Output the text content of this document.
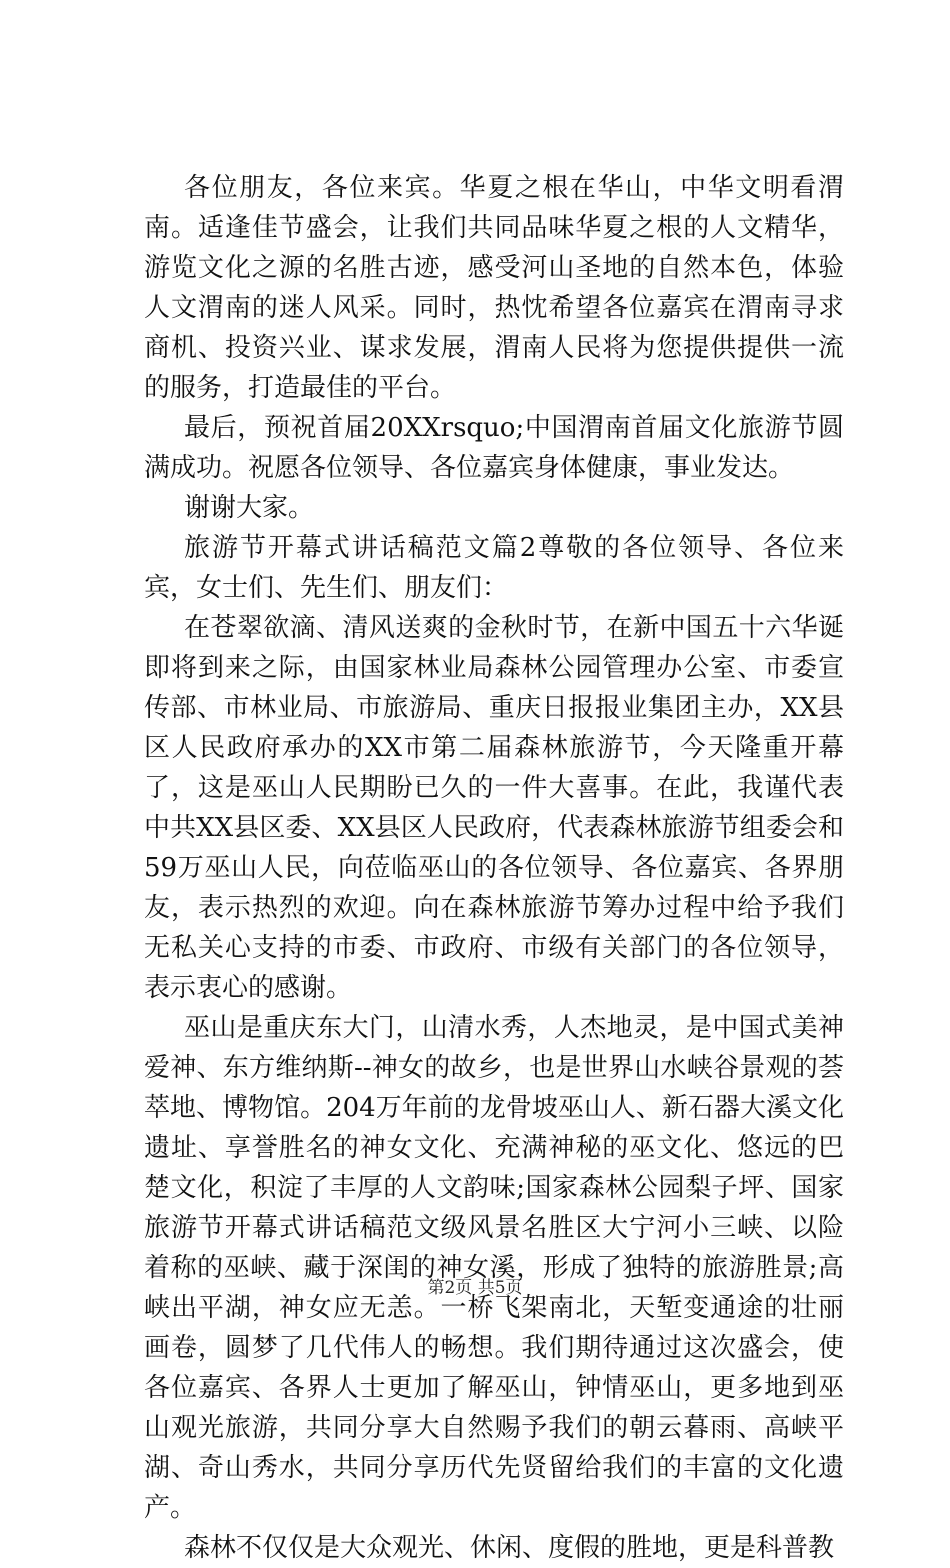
各位朋友，各位来宾。华夏之根在华山，中华文明看渭南。适逢佳节盛会，让我们共同品味华夏之根的人文精华，游览文化之源的名胜古迹，感受河山圣地的自然本色，体验人文渭南的迷人风采。同时，热忱希望各位嘉宾在渭南寻求商机、投资兴业、谋求发展，渭南人民将为您提供提供一流的服务，打造最佳的平台。

最后，预祝首届20XXrsquo;中国渭南首届文化旅游节圆满成功。祝愿各位领导、各位嘉宾身体健康，事业发达。

谢谢大家。

旅游节开幕式讲话稿范文篇2尊敬的各位领导、各位来宾，女士们、先生们、朋友们：

在苍翠欲滴、清风送爽的金秋时节，在新中国五十六华诞即将到来之际，由国家林业局森林公园管理办公室、市委宣传部、市林业局、市旅游局、重庆日报报业集团主办，XX县区人民政府承办的XX市第二届森林旅游节，今天隆重开幕了，这是巫山人民期盼已久的一件大喜事。在此，我谨代表中共XX县区委、XX县区人民政府，代表森林旅游节组委会和59万巫山人民，向莅临巫山的各位领导、各位嘉宾、各界朋友，表示热烈的欢迎。向在森林旅游节筹办过程中给予我们无私关心支持的市委、市政府、市级有关部门的各位领导，表示衷心的感谢。

巫山是重庆东大门，山清水秀，人杰地灵，是中国式美神爱神、东方维纳斯--神女的故乡，也是世界山水峡谷景观的荟萃地、博物馆。204万年前的龙骨坡巫山人、新石器大溪文化遗址、享誉胜名的神女文化、充满神秘的巫文化、悠远的巴楚文化，积淀了丰厚的人文韵味;国家森林公园梨子坪、国家旅游节开幕式讲话稿范文级风景名胜区大宁河小三峡、以险着称的巫峡、藏于深闺的神女溪，形成了独特的旅游胜景;高峡出平湖，神女应无恙。一桥飞架南北，天堑变通途的壮丽画卷，圆梦了几代伟人的畅想。我们期待通过这次盛会，使各位嘉宾、各界人士更加了解巫山，钟情巫山，更多地到巫山观光旅游，共同分享大自然赐予我们的朝云暮雨、高峡平湖、奇山秀水，共同分享历代先贤留给我们的丰富的文化遗产。

森林不仅仅是大众观光、休闲、度假的胜地，更是科普教

第2页 共5页
